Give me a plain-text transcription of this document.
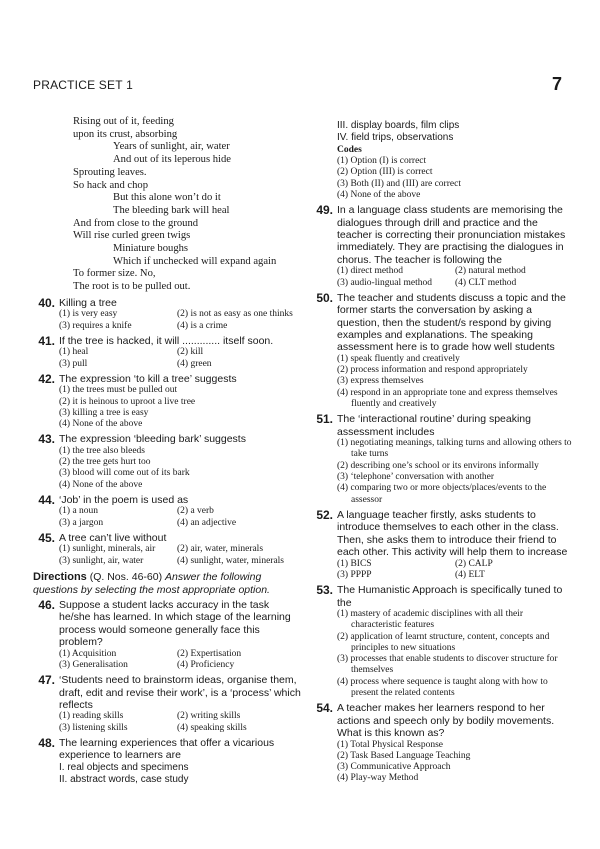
PRACTICE SET 1	7
Rising out of it, feeding
upon its crust, absorbing
Years of sunlight, air, water
And out of its leperous hide
Sprouting leaves.
So hack and chop
But this alone won’t do it
The bleeding bark will heal
And from close to the ground
Will rise curled green twigs
Miniature boughs
Which if unchecked will expand again
To former size. No,
The root is to be pulled out.
40. Killing a tree
(1) is very easy	(2) is not as easy as one thinks
(3) requires a knife	(4) is a crime
41. If the tree is hacked, it will ............. itself soon.
(1) heal	(2) kill
(3) pull	(4) green
42. The expression ‘to kill a tree’ suggests
(1) the trees must be pulled out
(2) it is heinous to uproot a live tree
(3) killing a tree is easy
(4) None of the above
43. The expression ‘bleeding bark’ suggests
(1) the tree also bleeds
(2) the tree gets hurt too
(3) blood will come out of its bark
(4) None of the above
44. ‘Job’ in the poem is used as
(1) a noun	(2) a verb
(3) a jargon	(4) an adjective
45. A tree can’t live without
(1) sunlight, minerals, air	(2) air, water, minerals
(3) sunlight, air, water	(4) sunlight, water, minerals
Directions (Q. Nos. 46-60) Answer the following questions by selecting the most appropriate option.
46. Suppose a student lacks accuracy in the task he/she has learned. In which stage of the learning process would someone generally face this problem?
(1) Acquisition	(2) Expertisation
(3) Generalisation	(4) Proficiency
47. ‘Students need to brainstorm ideas, organise them, draft, edit and revise their work’, is a ‘process’ which reflects
(1) reading skills	(2) writing skills
(3) listening skills	(4) speaking skills
48. The learning experiences that offer a vicarious experience to learners are
I. real objects and specimens
II. abstract words, case study
III. display boards, film clips
IV. field trips, observations
Codes
(1) Option (I) is correct
(2) Option (III) is correct
(3) Both (II) and (III) are correct
(4) None of the above
49. In a language class students are memorising the dialogues through drill and practice and the teacher is correcting their pronunciation mistakes immediately. They are practising the dialogues in chorus. The teacher is following the
(1) direct method	(2) natural method
(3) audio-lingual method	(4) CLT method
50. The teacher and students discuss a topic and the former starts the conversation by asking a question, then the student/s respond by giving examples and explanations. The speaking assessment here is to grade how well students
(1) speak fluently and creatively
(2) process information and respond appropriately
(3) express themselves
(4) respond in an appropriate tone and express themselves fluently and creatively
51. The ‘interactional routine’ during speaking assessment includes
(1) negotiating meanings, talking turns and allowing others to take turns
(2) describing one’s school or its environs informally
(3) ‘telephone’ conversation with another
(4) comparing two or more objects/places/events to the assessor
52. A language teacher firstly, asks students to introduce themselves to each other in the class. Then, she asks them to introduce their friend to each other. This activity will help them to increase
(1) BICS	(2) CALP
(3) PPPP	(4) ELT
53. The Humanistic Approach is specifically tuned to the
(1) mastery of academic disciplines with all their characteristic features
(2) application of learnt structure, content, concepts and principles to new situations
(3) processes that enable students to discover structure for themselves
(4) process where sequence is taught along with how to present the related contents
54. A teacher makes her learners respond to her actions and speech only by bodily movements. What is this known as?
(1) Total Physical Response
(2) Task Based Language Teaching
(3) Communicative Approach
(4) Play-way Method
